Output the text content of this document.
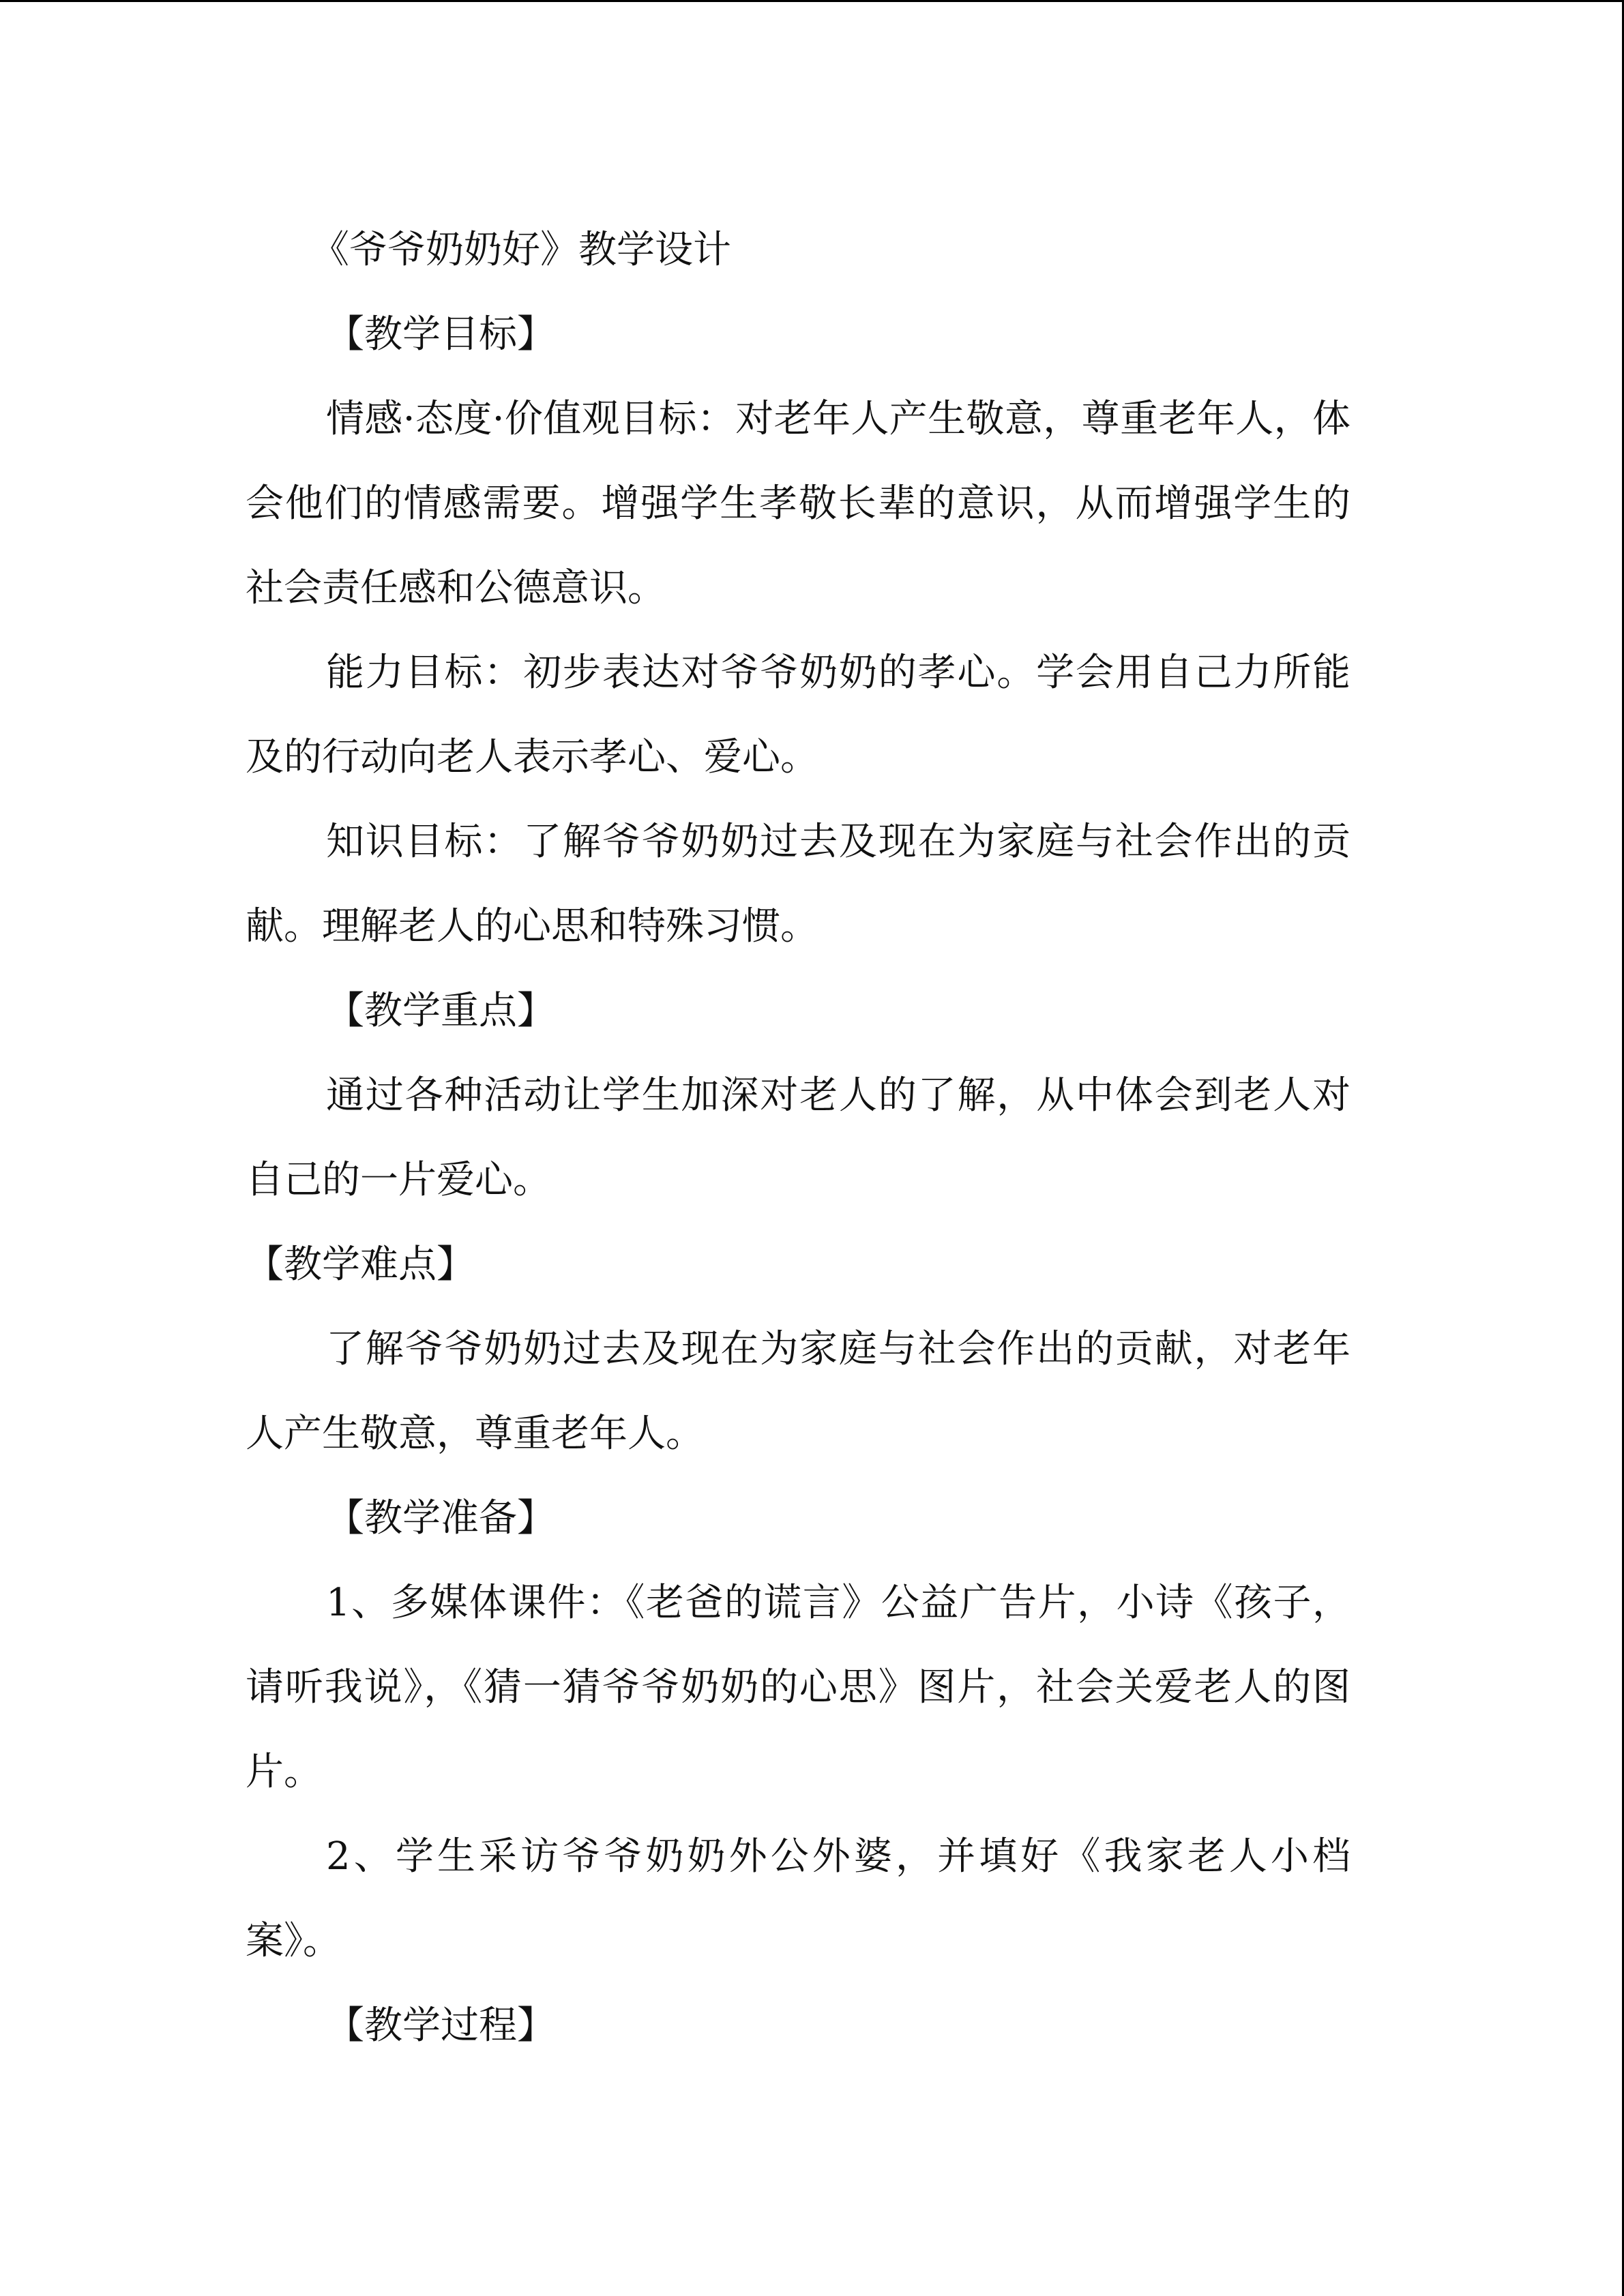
《爷爷奶奶好》教学设计

【教学目标】

情感·态度·价值观目标：对老年人产生敬意，尊重老年人，体会他们的情感需要。增强学生孝敬长辈的意识，从而增强学生的社会责任感和公德意识。

能力目标：初步表达对爷爷奶奶的孝心。学会用自己力所能及的行动向老人表示孝心、爱心。

知识目标：了解爷爷奶奶过去及现在为家庭与社会作出的贡献。理解老人的心思和特殊习惯。

【教学重点】

通过各种活动让学生加深对老人的了解，从中体会到老人对自己的一片爱心。

【教学难点】

了解爷爷奶奶过去及现在为家庭与社会作出的贡献，对老年人产生敬意，尊重老年人。

【教学准备】

1、多媒体课件：《老爸的谎言》公益广告片，小诗《孩子，请听我说》，《猜一猜爷爷奶奶的心思》图片，社会关爱老人的图片。

2、学生采访爷爷奶奶外公外婆，并填好《我家老人小档案》。

【教学过程】
